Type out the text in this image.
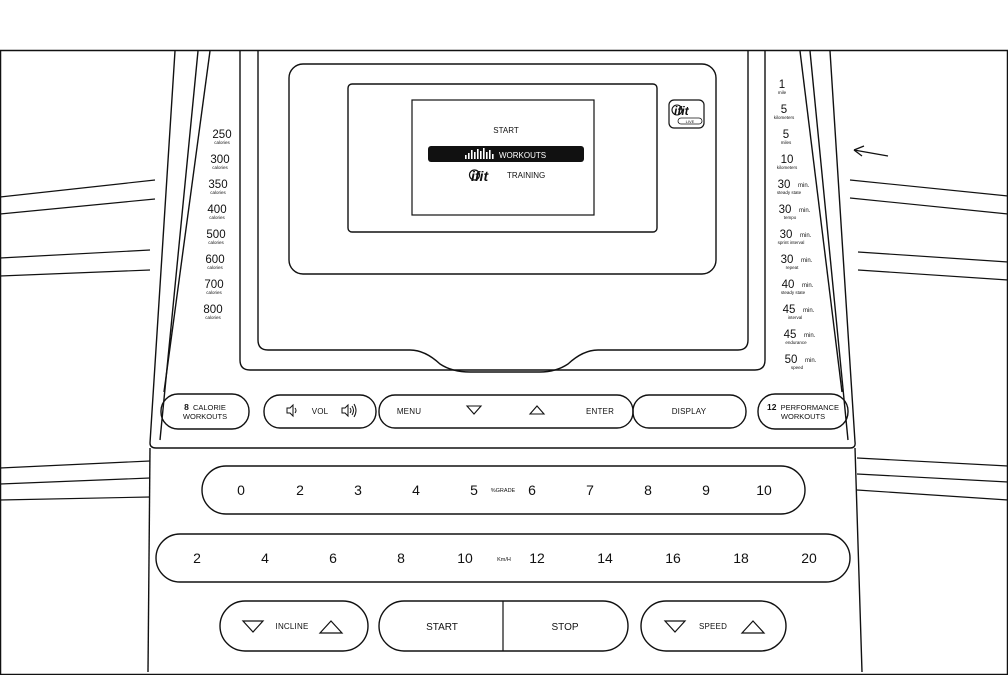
START
WORKOUTS
ifit TRAINING
ifit
LIVE
250
calories
300
calories
350
calories
400
calories
500
calories
600
calories
700
calories
800
calories
1
mile
5
kilometers
5
miles
10
kilometers
30 min.
steady state
30 min.
tempo
30 min.
sprint interval
30 min.
repeat
40 min.
steady state
45 min.
interval
45 min.
endurance
50 min.
speed
8 CALORIE
WORKOUTS
VOL	MENU	ENTER	DISPLAY	12 PERFORMANCE
WORKOUTS
0	2	3	4	5 %GRADE 6	7	8	9	10
2	4	6	8	10	Km/H 12	14	16	18	20
INCLINE	START	STOP	SPEED
